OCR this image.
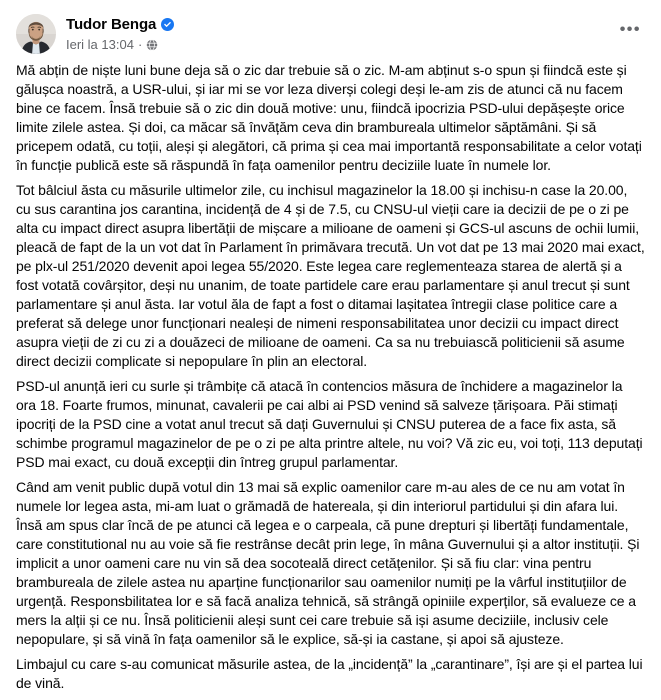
Tudor Benga
Ieri la 13:04 ·
•••

Mă abțin de niște luni bune deja să o zic dar trebuie să o zic. M-am abținut s-o spun și fiindcă este și gălușca noastră, a USR-ului, și iar mi se vor leza diverși colegi deși le-am zis de atunci că nu facem bine ce facem. Însă trebuie să o zic din două motive: unu, fiindcă ipocrizia PSD-ului depășește orice limite zilele astea. Și doi, ca măcar să învățăm ceva din brambureala ultimelor săptămâni. Și să pricepem odată, cu toții, aleși și alegători, că prima și cea mai importantă responsabilitate a celor votați în funcție publică este să răspundă în fața oamenilor pentru deciziile luate în numele lor.

Tot bâlciul ăsta cu măsurile ultimelor zile, cu inchisul magazinelor la 18.00 și inchisu-n case la 20.00, cu sus carantina jos carantina, incidență de 4 și de 7.5, cu CNSU-ul vieții care ia decizii de pe o zi pe alta cu impact direct asupra libertății de mișcare a milioane de oameni și GCS-ul ascuns de ochii lumii, pleacă de fapt de la un vot dat în Parlament în primăvara trecută. Un vot dat pe 13 mai 2020 mai exact, pe plx-ul 251/2020 devenit apoi legea 55/2020. Este legea care reglementeaza starea de alertă și a fost votată covârșitor, deși nu unanim, de toate partidele care erau parlamentare și anul trecut și sunt parlamentare și anul ăsta. Iar votul ăla de fapt a fost o ditamai lașitatea întregii clase politice care a preferat să delege unor funcționari nealeși de nimeni responsabilitatea unor decizii cu impact direct asupra vieții de zi cu zi a douăzeci de milioane de oameni. Ca sa nu trebuiască politicienii să asume direct decizii complicate si nepopulare în plin an electoral.

PSD-ul anunță ieri cu surle și trâmbițe că atacă în contencios măsura de închidere a magazinelor la ora 18. Foarte frumos, minunat, cavalerii pe cai albi ai PSD venind să salveze țărișoara. Păi stimați ipocriți de la PSD cine a votat anul trecut să dați Guvernului și CNSU puterea de a face fix asta, să schimbe programul magazinelor de pe o zi pe alta printre altele, nu voi? Vă zic eu, voi toți, 113 deputați PSD mai exact, cu două excepții din întreg grupul parlamentar.

Când am venit public după votul din 13 mai să explic oamenilor care m-au ales de ce nu am votat în numele lor legea asta, mi-am luat o grămadă de hatereala, și din interiorul partidului și din afara lui. Însă am spus clar încă de pe atunci că legea e o carpeala, că pune drepturi și libertăți fundamentale, care constitutional nu au voie să fie restrânse decât prin lege, în mâna Guvernului și a altor instituții. Și implicit a unor oameni care nu vin să dea socoteală direct cetățenilor. Și să fiu clar: vina pentru brambureala de zilele astea nu aparține funcționarilor sau oamenilor numiți pe la vârful instituțiilor de urgență. Responsbilitatea lor e să facă analiza tehnică, să strângă opiniile experților, să evalueze ce a mers la alții și ce nu. Însă politicienii aleși sunt cei care trebuie să iși asume deciziile, inclusiv cele nepopulare, și să vină în fața oamenilor să le explice, să-și ia castane, și apoi să ajusteze.

Limbajul cu care s-au comunicat măsurile astea, de la „incidență” la „carantinare”, își are și el partea lui de vină.
